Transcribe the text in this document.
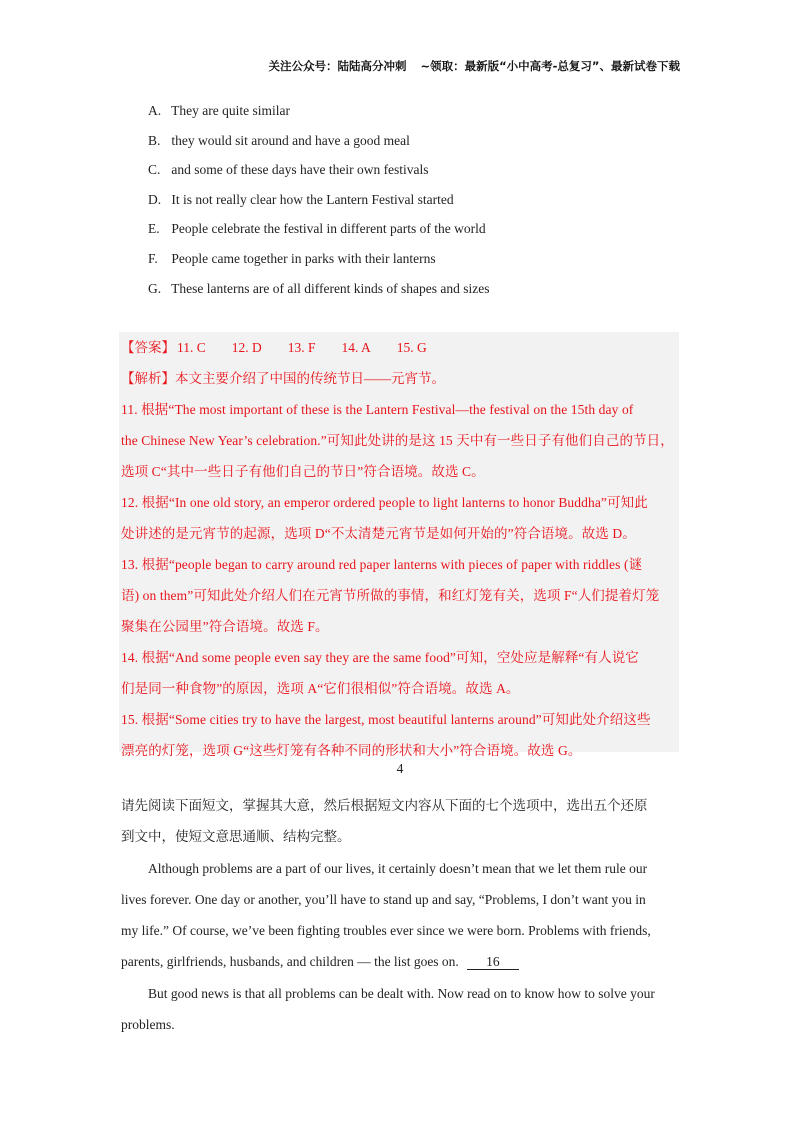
关注公众号：陆陆高分冲刺 ~领取：最新版“小中高考-总复习”、最新试卷下载
A. They are quite similar
B. they would sit around and have a good meal
C. and some of these days have their own festivals
D. It is not really clear how the Lantern Festival started
E. People celebrate the festival in different parts of the world
F. People came together in parks with their lanterns
G. These lanterns are of all different kinds of shapes and sizes
【答案】 11. C 12. D 13. F 14. A 15. G
【解析】本文主要介绍了中国的传统节日——元宵节。
11. 根据“The most important of these is the Lantern Festival—the festival on the 15th day of
the Chinese New Year’s celebration.”可知此处讲的是这 15 天中有一些日子有他们自己的节日，
选项 C“其中一些日子有他们自己的节日”符合语境。故选 C。
12. 根据“In one old story, an emperor ordered people to light lanterns to honor Buddha”可知此
处讲述的是元宵节的起源，选项 D“不太清楚元宵节是如何开始的”符合语境。故选 D。
13. 根据“people began to carry around red paper lanterns with pieces of paper with riddles (谜
语) on them”可知此处介绍人们在元宵节所做的事情，和红灯笼有关，选项 F“人们提着灯笼
聚集在公园里”符合语境。故选 F。
14. 根据“And some people even say they are the same food”可知，空处应是解释“有人说它
们是同一种食物”的原因，选项 A“它们很相似”符合语境。故选 A。
15. 根据“Some cities try to have the largest, most beautiful lanterns around”可知此处介绍这些
漂亮的灯笼，选项 G“这些灯笼有各种不同的形状和大小”符合语境。故选 G。
4
请先阅读下面短文，掌握其大意，然后根据短文内容从下面的七个选项中，选出五个还原
到文中，使短文意思通顺、结构完整。
Although problems are a part of our lives, it certainly doesn’t mean that we let them rule our
lives forever. One day or another, you’ll have to stand up and say, “Problems, I don’t want you in
my life.” Of course, we’ve been fighting troubles ever since we were born. Problems with friends,
parents, girlfriends, husbands, and children — the list goes on. 16
But good news is that all problems can be dealt with. Now read on to know how to solve your
problems.
